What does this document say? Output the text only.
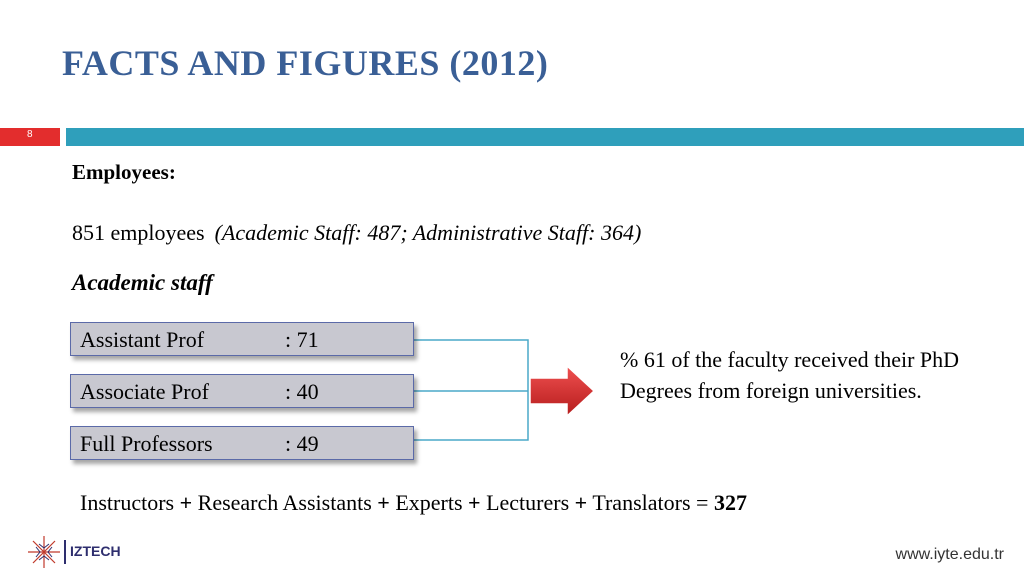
FACTS AND FIGURES (2012)
8
Employees:
851 employees (Academic Staff: 487; Administrative Staff: 364)
Academic staff
Assistant Prof	: 71
Associate Prof	: 40
Full Professors	: 49
% 61 of the faculty received their PhD Degrees from foreign universities.
Instructors + Research Assistants + Experts + Lecturers + Translators = 327
IZTECH	www.iyte.edu.tr
